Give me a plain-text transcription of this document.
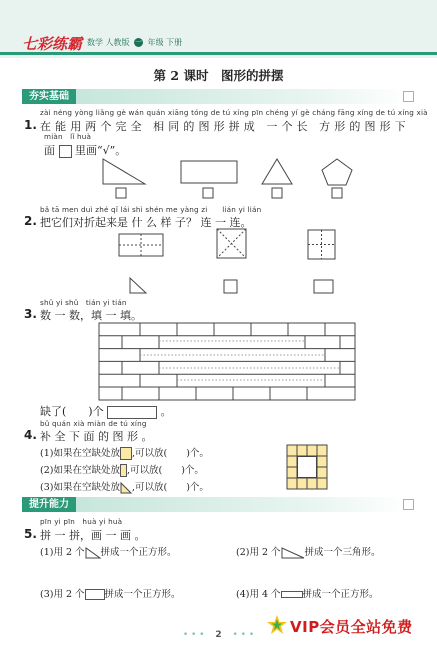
七彩练霸 数学 人教版 一 年级 下册
第 2 课时　图形的拼摆
夯实基础
zài néng yòng liǎng gè wán quán xiāng tóng de tú xíng pīn chéng yí gè cháng fāng xíng de tú xíng xià
1. 在 能 用 两 个 完 全　相 同 的 图 形 拼 成　一 个 长　方 形 的 图 形 下
miàn　lǐ huà
面 里画“√”。
bǎ tā men duì zhé qǐ lái shì shén me yàng zi　　lián yi lián
2. 把它们对折起来是 什 么 样 子？ 连 一 连。
shǔ yi shǔ　tián yi tián
3. 数 一 数，填 一 填。
缺了(　　)个	。
bǔ quán xià miàn de tú xíng
4. 补 全 下 面 的 图 形 。
(1)如果在空缺处放 ,可以放(　　)个。
(2)如果在空缺处放 ,可以放(　　)个。
(3)如果在空缺处放 ,可以放(　　)个。
提升能力
pīn yi pīn　huà yi huà
5. 拼 一 拼，画 一 画 。
(1)用 2 个 拼成一个正方形。	(2)用 2 个	拼成一个三角形。
(3)用 2 个 拼成一个正方形。	(4)用 4 个 拼成一个正方形。
• • • 2 • • •	VIP会员全站免费
